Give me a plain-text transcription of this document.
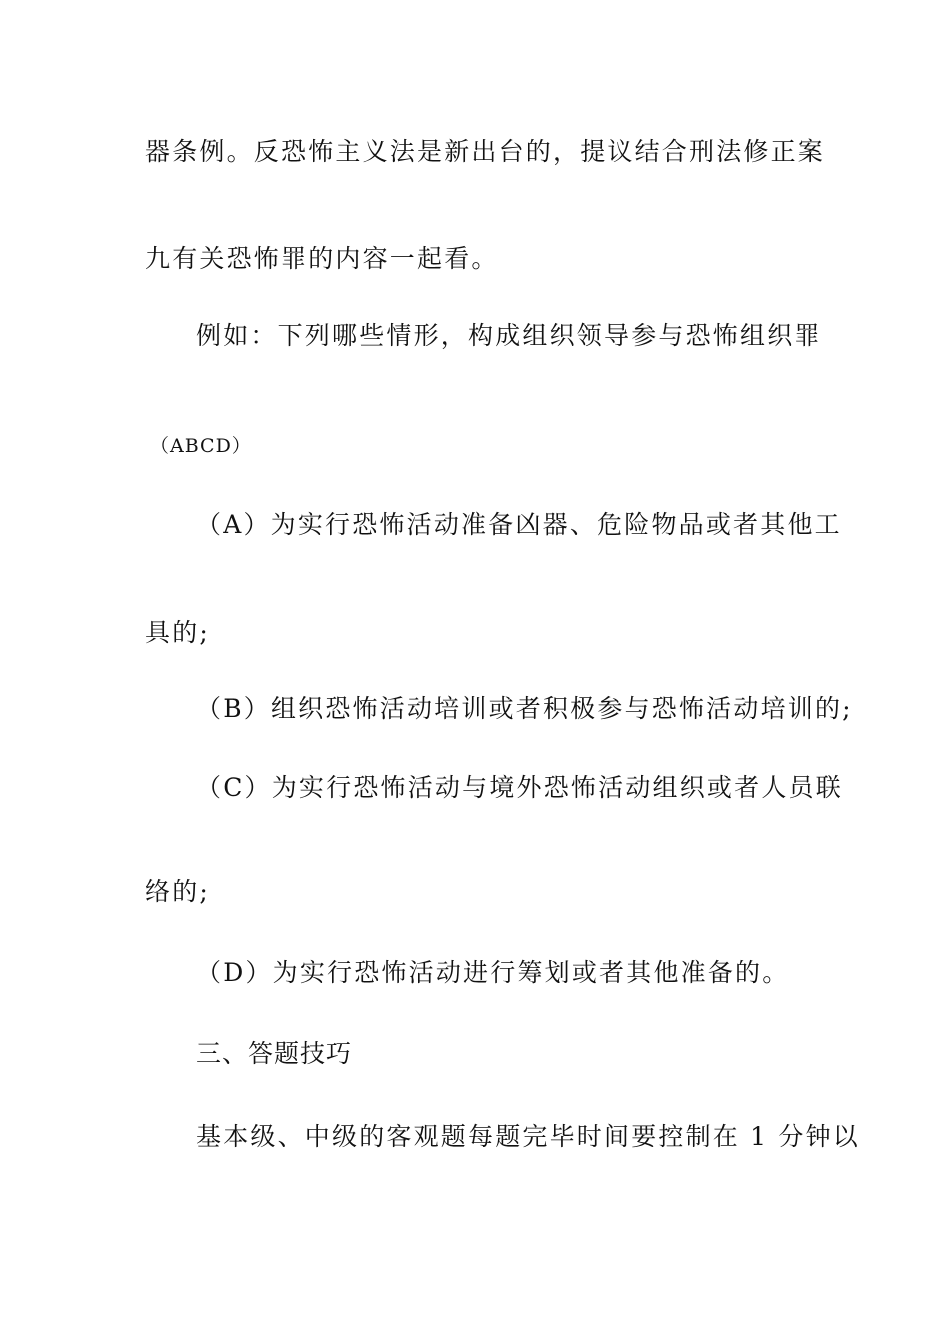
器条例。反恐怖主义法是新出台的，提议结合刑法修正案
九有关恐怖罪的内容一起看。
例如：下列哪些情形，构成组织领导参与恐怖组织罪
（ABCD）
（A）为实行恐怖活动准备凶器、危险物品或者其他工
具的;
（B）组织恐怖活动培训或者积极参与恐怖活动培训的;
（C）为实行恐怖活动与境外恐怖活动组织或者人员联
络的;
（D）为实行恐怖活动进行筹划或者其他准备的。
三、答题技巧
基本级、中级的客观题每题完毕时间要控制在 1 分钟以
